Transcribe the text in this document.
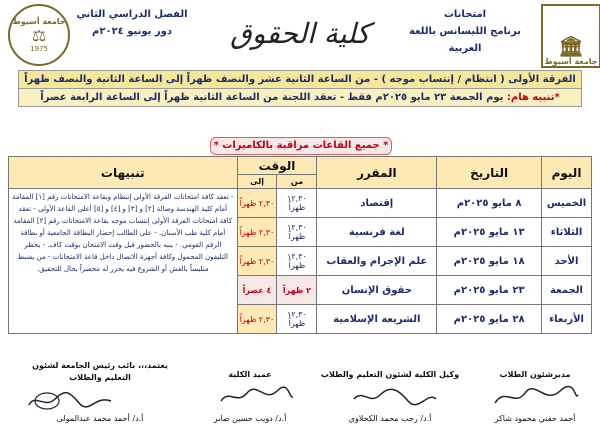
جامعة أسيوط
⚖
1975
الفصل الدراسي الثاني
دور يونيو ٢٠٢٤م	كلية الحقوق
امتحانات
برنامج الليسانس باللغة العربية	🏛
جامعة أسيوط
الفرقة الأولى ( انتظام / إنتساب موجه ) - من الساعة الثانية عشر والنصف ظهراً إلى الساعة الثانية والنصف ظهراً
*تنبيه هام: يوم الجمعة ٢٣ مايو ٢٠٢٥م فقط - تعقد اللجنة من الساعة الثانية ظهراً إلى الساعة الرابعة عصراً
* جميع القاعات مراقبة بالكاميرات *
اليوم	التاريخ	المقرر	الوقت		تنبيهات
			من	إلى	
الخميس	٨ مايو ٢٠٢٥م	إقتصاد	١٢,٣٠ ظهراً	٢,٣٠ ظهراً	- تعقد كافة امتحانات الفرقة الأولى إنتظام وبقاعة الامتحانات رقم [١] المقامة أمام كلية الهندسة وصالة [٢] و [٣] و [٤] و [٥] أعلى القاعة الأولى - تعقد كافة امتحانات الفرقة الأولى إنتساب موجه بقاعة الامتحانات رقم [٢] المقامة أمام كلية طب الأسنان. - على الطالب إحضار البطاقة الجامعية أو بطاقة الرقم القومي. - ينبه بالحضور قبل وقت الامتحان بوقت كاف. - يحظر التليفون المحمول وكافة أجهزة الاتصال داخل قاعة الامتحانات - من يضبط متلبساً بالغش أو الشروع فيه يحرر له محضراً يحال للتحقيق.
الثلاثاء	١٣ مايو ٢٠٢٥م	لغة فرنسية	١٢,٣٠ ظهراً	٢,٣٠ ظهراً	
الأحد	١٨ مايو ٢٠٢٥م	علم الإجرام والعقاب	١٢,٣٠ ظهراً	٢,٣٠ ظهراً	
الجمعة	٢٣ مايو ٢٠٢٥م	حقوق الإنسان	٢ ظهراً	٤ عصراً	
الأربعاء	٢٨ مايو ٢٠٢٥م	الشريعة الإسلامية	١٢,٣٠ ظهراً	٢,٣٠ ظهراً	
مديرشئون الطلاب
أحمد حفني محمود شاكر
وكيل الكلية لشئون التعليم والطلاب
أ.د/ رجب محمد الكحلاوي
عميد الكلية
أ.د/ دويب حسين صابر
يعتمد،،، نائب رئيس الجامعة لشئون التعليم والطلاب
أ.د/ أحمد محمد عبدالمولى
